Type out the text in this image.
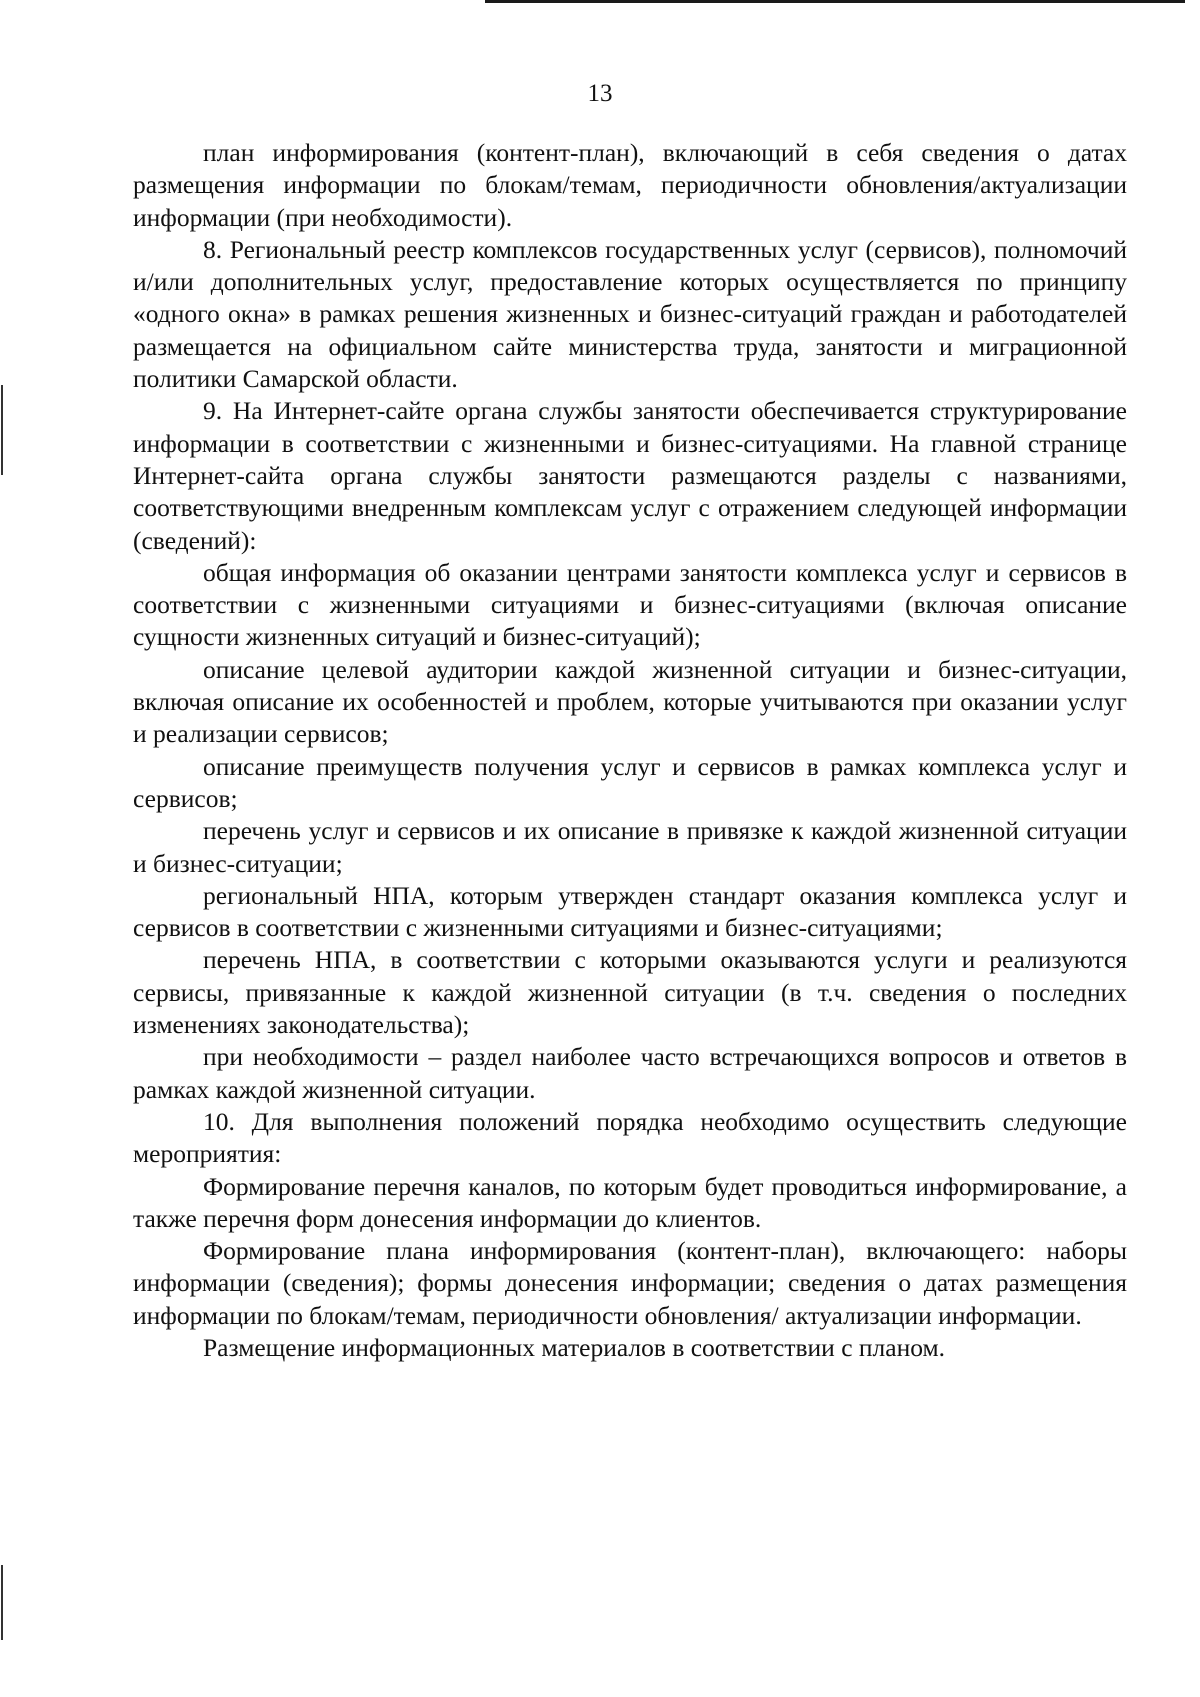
13

план информирования (контент-план), включающий в себя сведения о датах размещения информации по блокам/темам, периодичности обновления/актуализации информации (при необходимости).

8. Региональный реестр комплексов государственных услуг (сервисов), полномочий и/или дополнительных услуг, предоставление которых осуществляется по принципу «одного окна» в рамках решения жизненных и бизнес-ситуаций граждан и работодателей размещается на официальном сайте министерства труда, занятости и миграционной политики Самарской области.

9. На Интернет-сайте органа службы занятости обеспечивается структурирование информации в соответствии с жизненными и бизнес-ситуациями. На главной странице Интернет-сайта органа службы занятости размещаются разделы с названиями, соответствующими внедренным комплексам услуг с отражением следующей информации (сведений):

общая информация об оказании центрами занятости комплекса услуг и сервисов в соответствии с жизненными ситуациями и бизнес-ситуациями (включая описание сущности жизненных ситуаций и бизнес-ситуаций);

описание целевой аудитории каждой жизненной ситуации и бизнес-ситуации, включая описание их особенностей и проблем, которые учитываются при оказании услуг и реализации сервисов;

описание преимуществ получения услуг и сервисов в рамках комплекса услуг и сервисов;

перечень услуг и сервисов и их описание в привязке к каждой жизненной ситуации и бизнес-ситуации;

региональный НПА, которым утвержден стандарт оказания комплекса услуг и сервисов в соответствии с жизненными ситуациями и бизнес-ситуациями;

перечень НПА, в соответствии с которыми оказываются услуги и реализуются сервисы, привязанные к каждой жизненной ситуации (в т.ч. сведения о последних изменениях законодательства);

при необходимости – раздел наиболее часто встречающихся вопросов и ответов в рамках каждой жизненной ситуации.

10. Для выполнения положений порядка необходимо осуществить следующие мероприятия:

Формирование перечня каналов, по которым будет проводиться информирование, а также перечня форм донесения информации до клиентов.

Формирование плана информирования (контент-план), включающего: наборы информации (сведения); формы донесения информации; сведения о датах размещения информации по блокам/темам, периодичности обновления/ актуализации информации.

Размещение информационных материалов в соответствии с планом.
